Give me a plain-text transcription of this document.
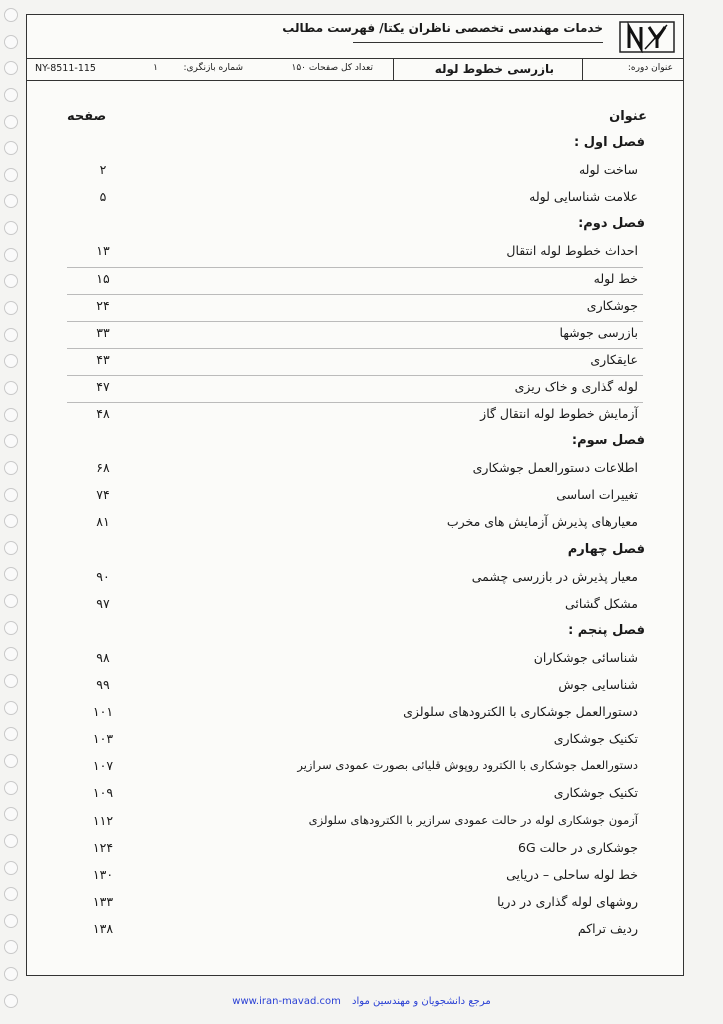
خدمات مهندسی تخصصی ناظران یکتا/ فهرست مطالب
عنوان دوره:
بازرسی خطوط لوله
تعداد کل صفحات ۱۵۰
شماره بازنگری:
۱
NY-8511-115
عنوان
صفحه
فصل اول :
ساخت لوله
۲
علامت شناسایی لوله
۵
فصل دوم:
احداث خطوط لوله انتقال
۱۳
خط لوله
۱۵
جوشکاری
۲۴
بازرسی جوشها
۳۳
عایقکاری
۴۳
لوله گذاری و خاک ریزی
۴۷
آزمایش خطوط لوله انتقال گاز
۴۸
فصل سوم:
اطلاعات دستورالعمل جوشکاری
۶۸
تغییرات اساسی
۷۴
معیارهای پذیرش آزمایش های مخرب
۸۱
فصل چهارم
معیار پذیرش در بازرسی چشمی
۹۰
مشکل گشائی
۹۷
فصل پنجم :
شناسائی جوشکاران
۹۸
شناسایی جوش
۹۹
دستورالعمل جوشکاری با الکترودهای سلولزی
۱۰۱
تکنیک جوشکاری
۱۰۳
دستورالعمل جوشکاری با الکترود روپوش قلیائی بصورت عمودی سرازیر
۱۰۷
تکنیک جوشکاری
۱۰۹
آزمون جوشکاری لوله در حالت عمودی سرازیر با الکترودهای سلولزی
۱۱۲
جوشکاری در حالت 6G
۱۲۴
خط لوله ساحلی – دریایی
۱۳۰
روشهای لوله گذاری در دریا
۱۳۳
ردیف تراکم
۱۳۸
www.iran-mavad.com مرجع دانشجویان و مهندسین مواد
